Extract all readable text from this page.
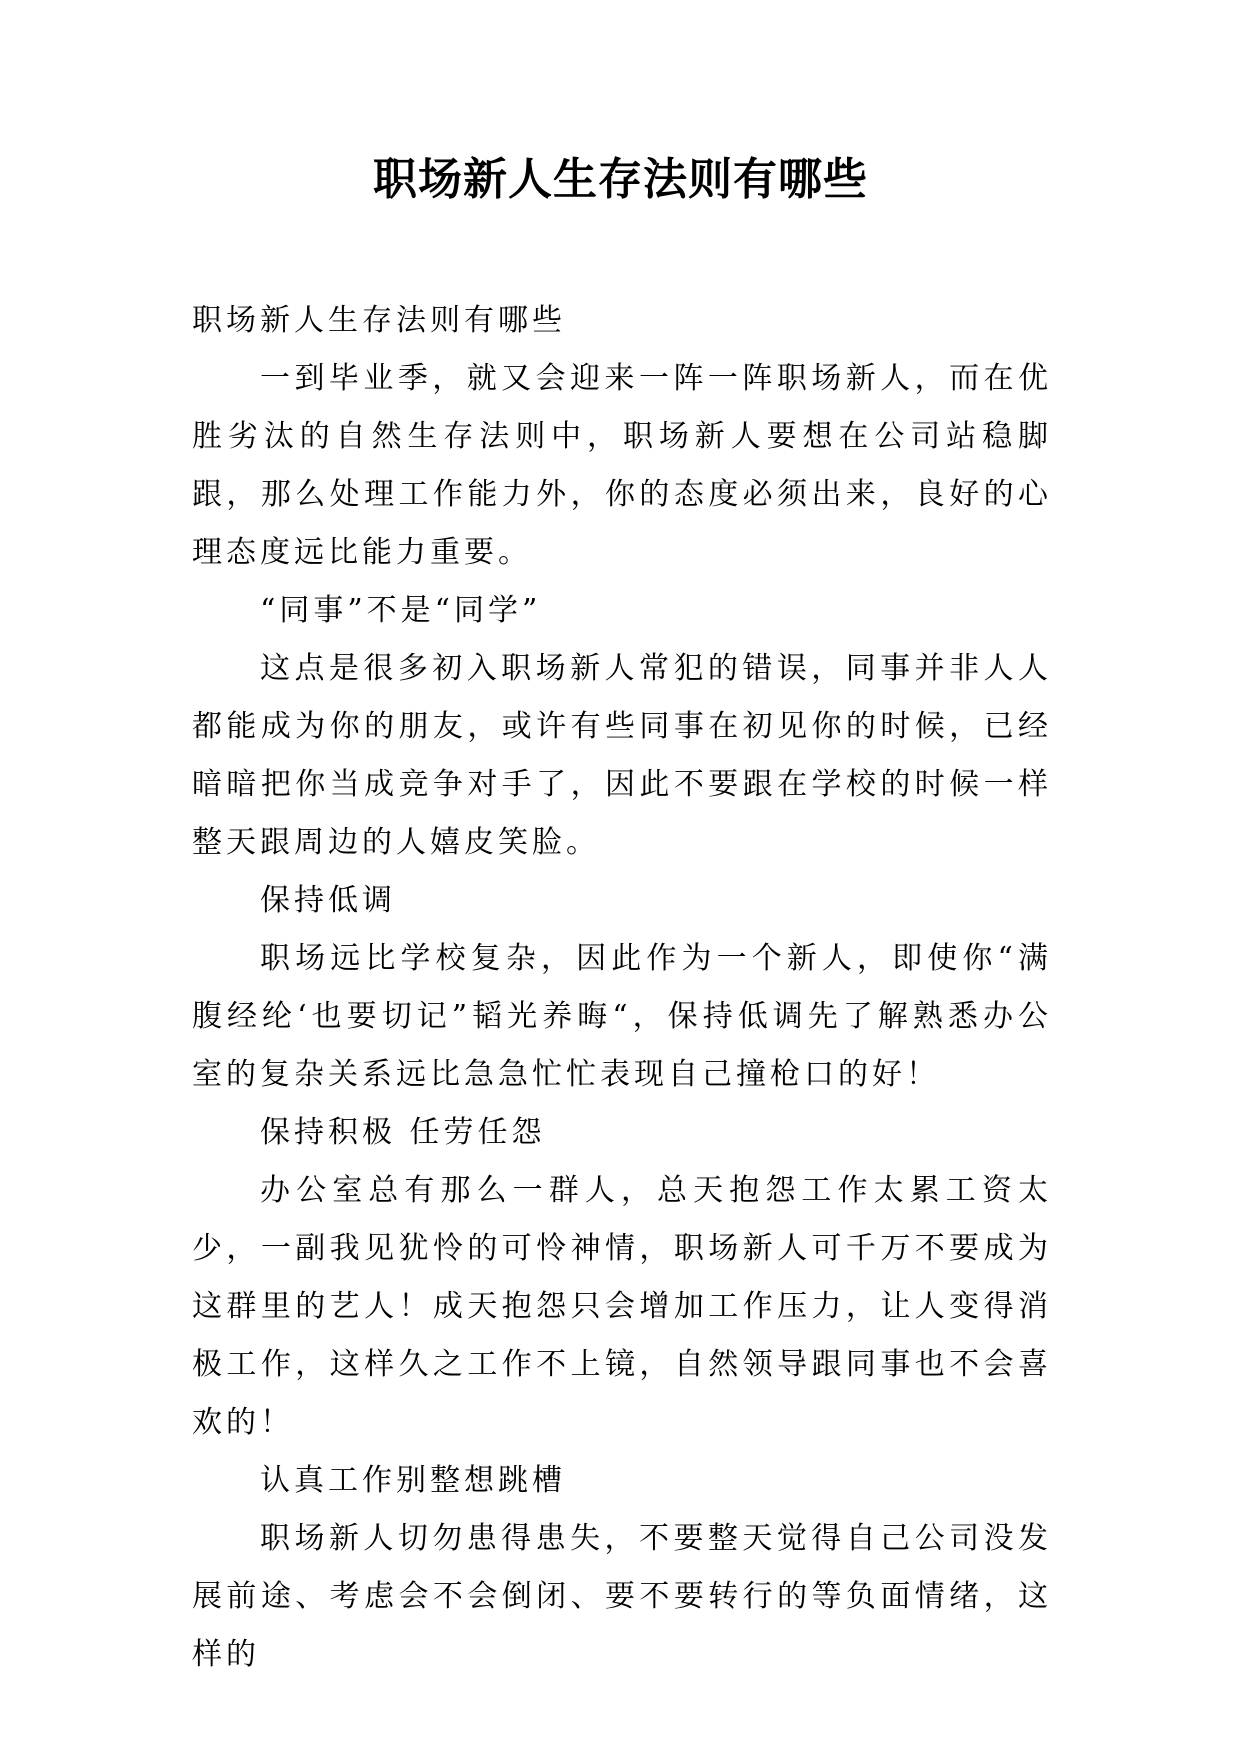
职场新人生存法则有哪些

职场新人生存法则有哪些

一到毕业季，就又会迎来一阵一阵职场新人，而在优胜劣汰的自然生存法则中，职场新人要想在公司站稳脚跟，那么处理工作能力外，你的态度必须出来，良好的心理态度远比能力重要。

“同事”不是“同学”

这点是很多初入职场新人常犯的错误，同事并非人人都能成为你的朋友，或许有些同事在初见你的时候，已经暗暗把你当成竞争对手了，因此不要跟在学校的时候一样整天跟周边的人嬉皮笑脸。

保持低调

职场远比学校复杂，因此作为一个新人，即使你“满腹经纶‘也要切记”韬光养晦“，保持低调先了解熟悉办公室的复杂关系远比急急忙忙表现自己撞枪口的好！

保持积极 任劳任怨

办公室总有那么一群人，总天抱怨工作太累工资太少，一副我见犹怜的可怜神情，职场新人可千万不要成为这群里的艺人！成天抱怨只会增加工作压力，让人变得消极工作，这样久之工作不上镜，自然领导跟同事也不会喜欢的！

认真工作别整想跳槽

职场新人切勿患得患失，不要整天觉得自己公司没发展前途、考虑会不会倒闭、要不要转行的等负面情绪，这样的
